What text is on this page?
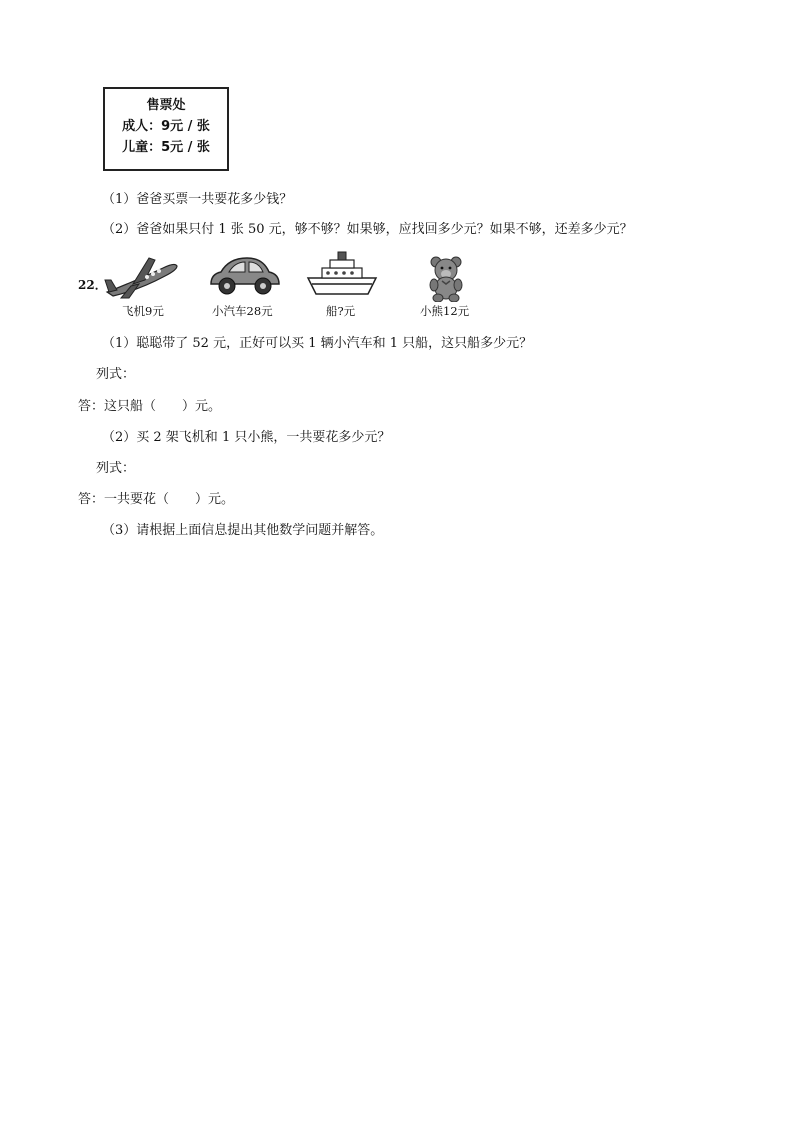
售票处
成人：9元 / 张
儿童：5元 / 张
（1）爸爸买票一共要花多少钱？
（2）爸爸如果只付 1 张 50 元，够不够？如果够，应找回多少元？如果不够，还差多少元？
22．
飞机9元	小汽车28元	船?元	小熊12元
（1）聪聪带了 52 元，正好可以买 1 辆小汽车和 1 只船，这只船多少元？
列式：
答：这只船（　　）元。
（2）买 2 架飞机和 1 只小熊，一共要花多少元？
列式：
答：一共要花（　　）元。
（3）请根据上面信息提出其他数学问题并解答。
